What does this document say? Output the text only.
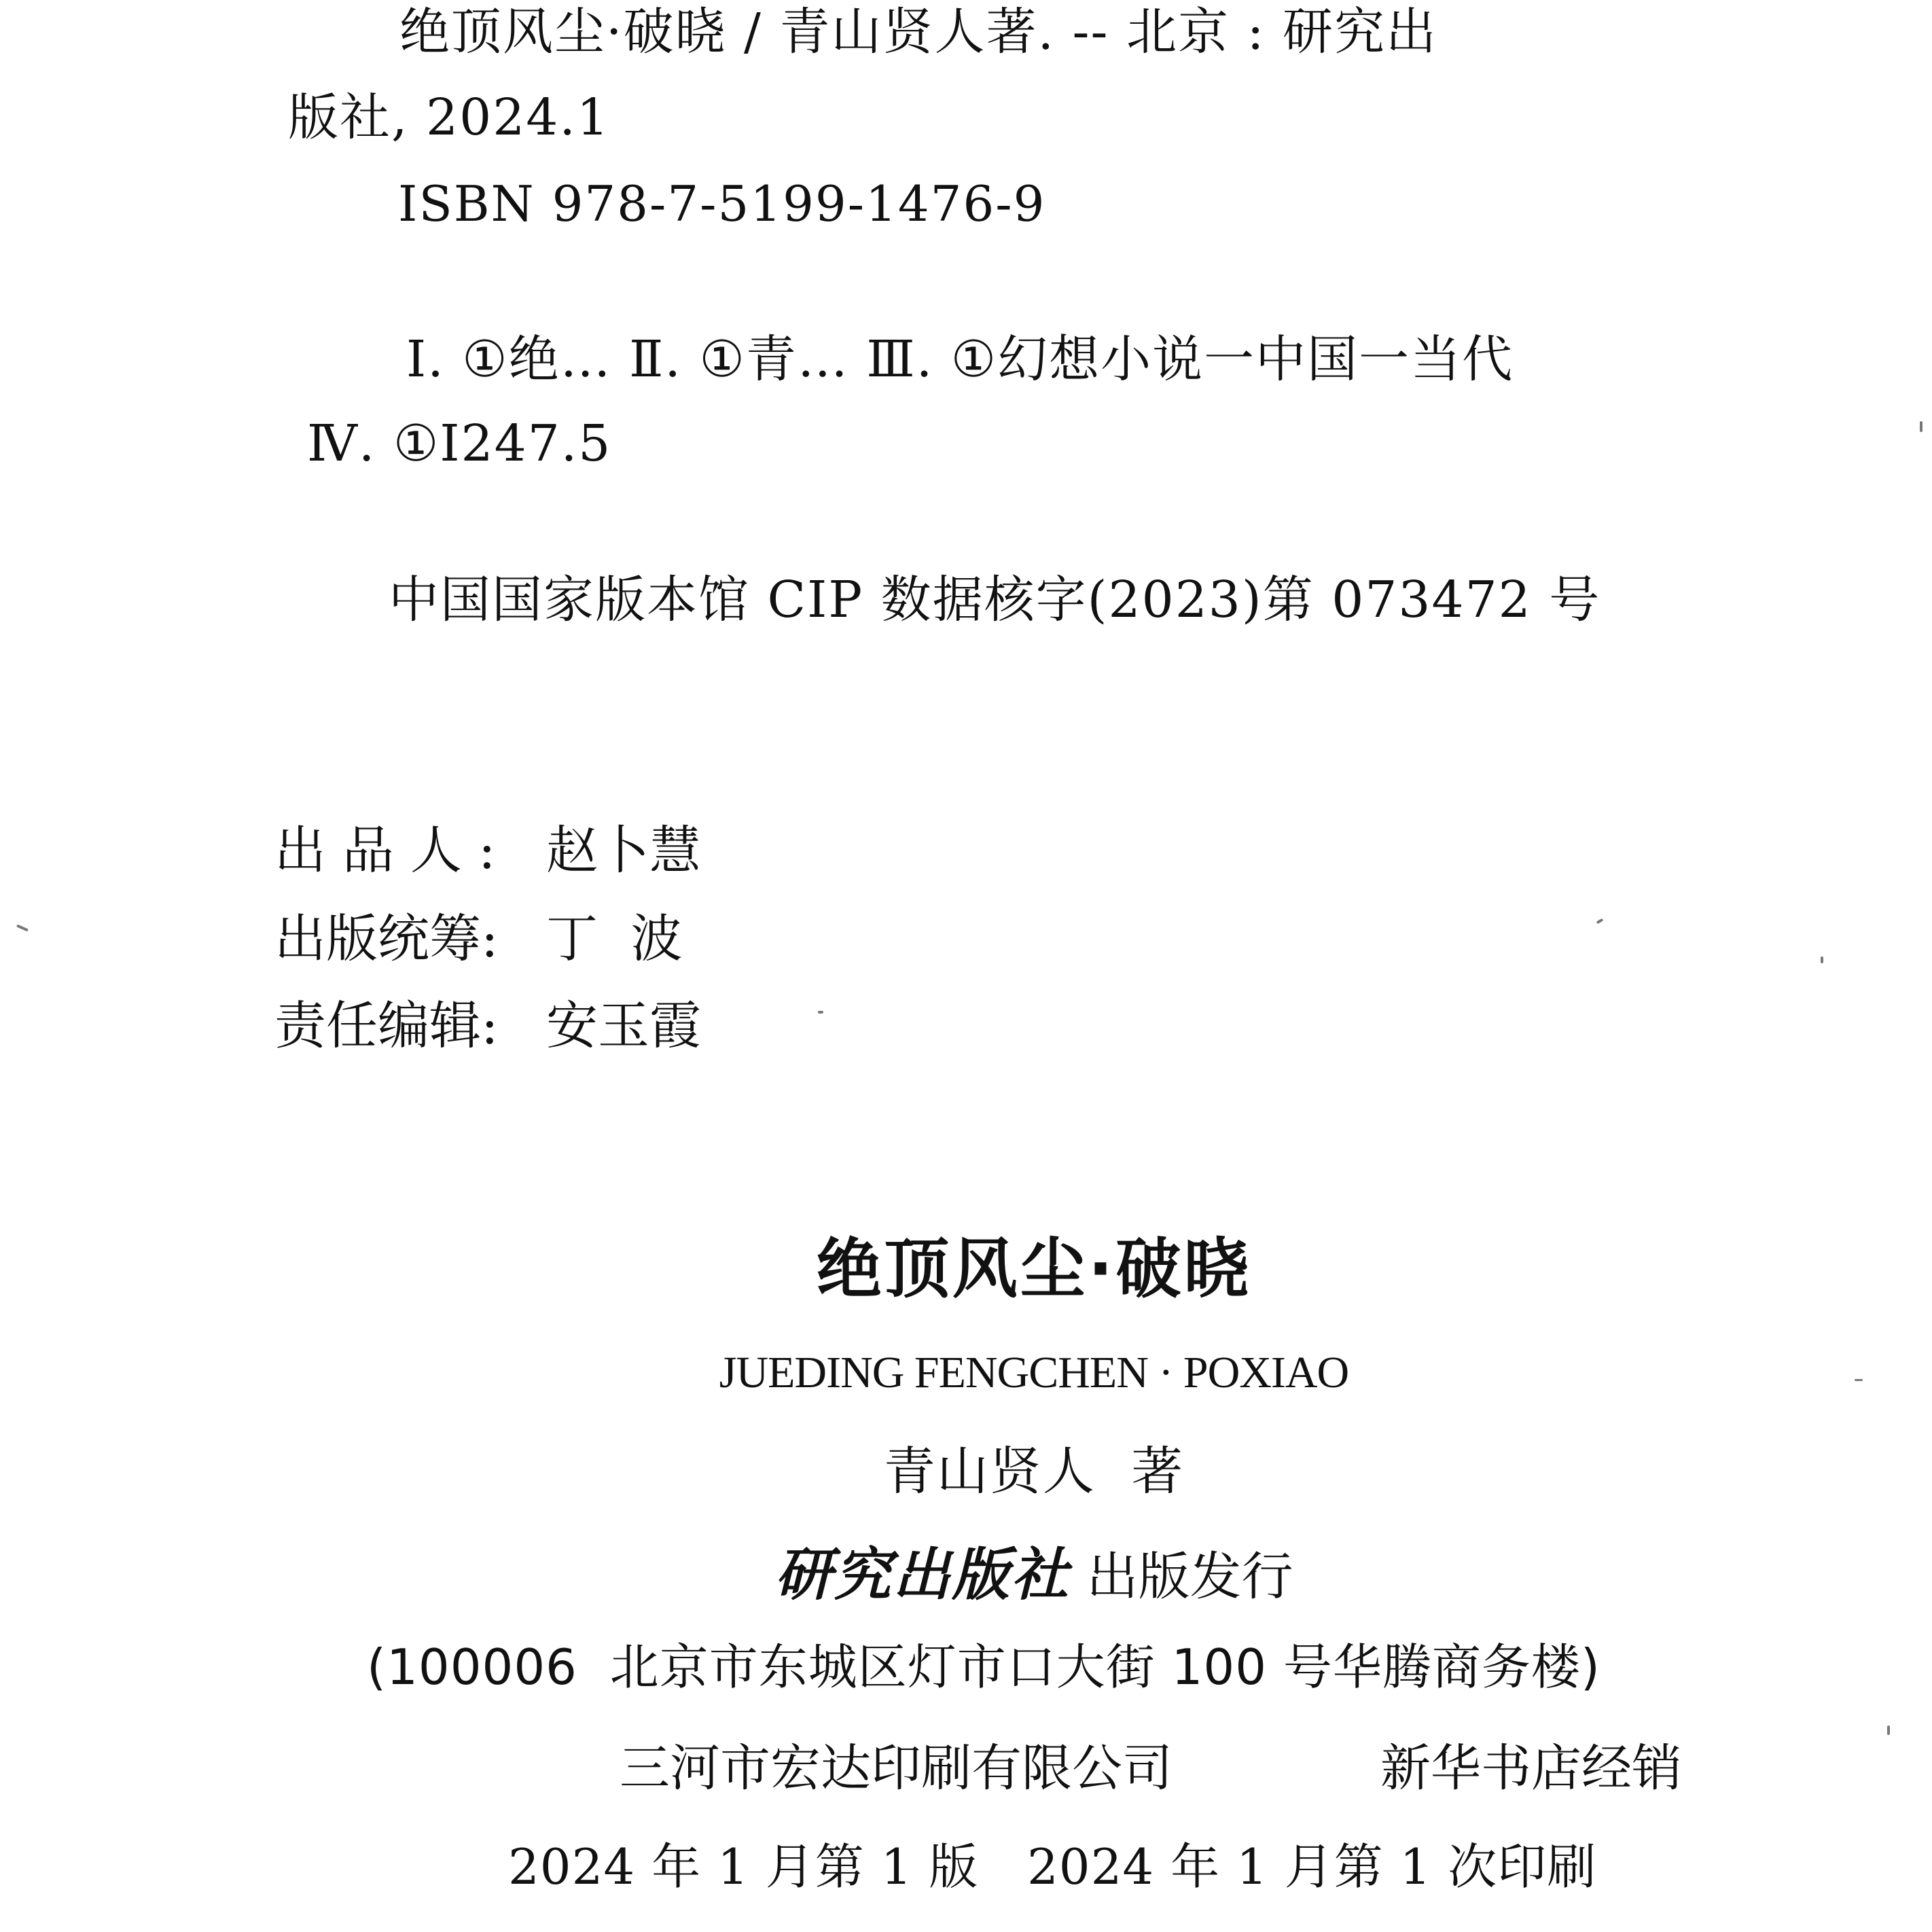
绝顶风尘·破晓 / 青山贤人著. -- 北京 : 研究出
版社, 2024.1
ISBN 978-7-5199-1476-9
Ⅰ. ①绝… Ⅱ. ①青… Ⅲ. ①幻想小说一中国一当代
Ⅳ. ①I247.5
中国国家版本馆 CIP 数据核字(2023)第 073472 号
出品人: 赵卜慧
出版统筹: 丁  波
责任编辑: 安玉霞
绝顶风尘·破晓
JUEDING FENGCHEN · POXIAO
青山贤人  著
研究出版社 出版发行
(100006  北京市东城区灯市口大街 100 号华腾商务楼)
三河市宏达印刷有限公司	新华书店经销
2024 年 1 月第 1 版   2024 年 1 月第 1 次印刷
